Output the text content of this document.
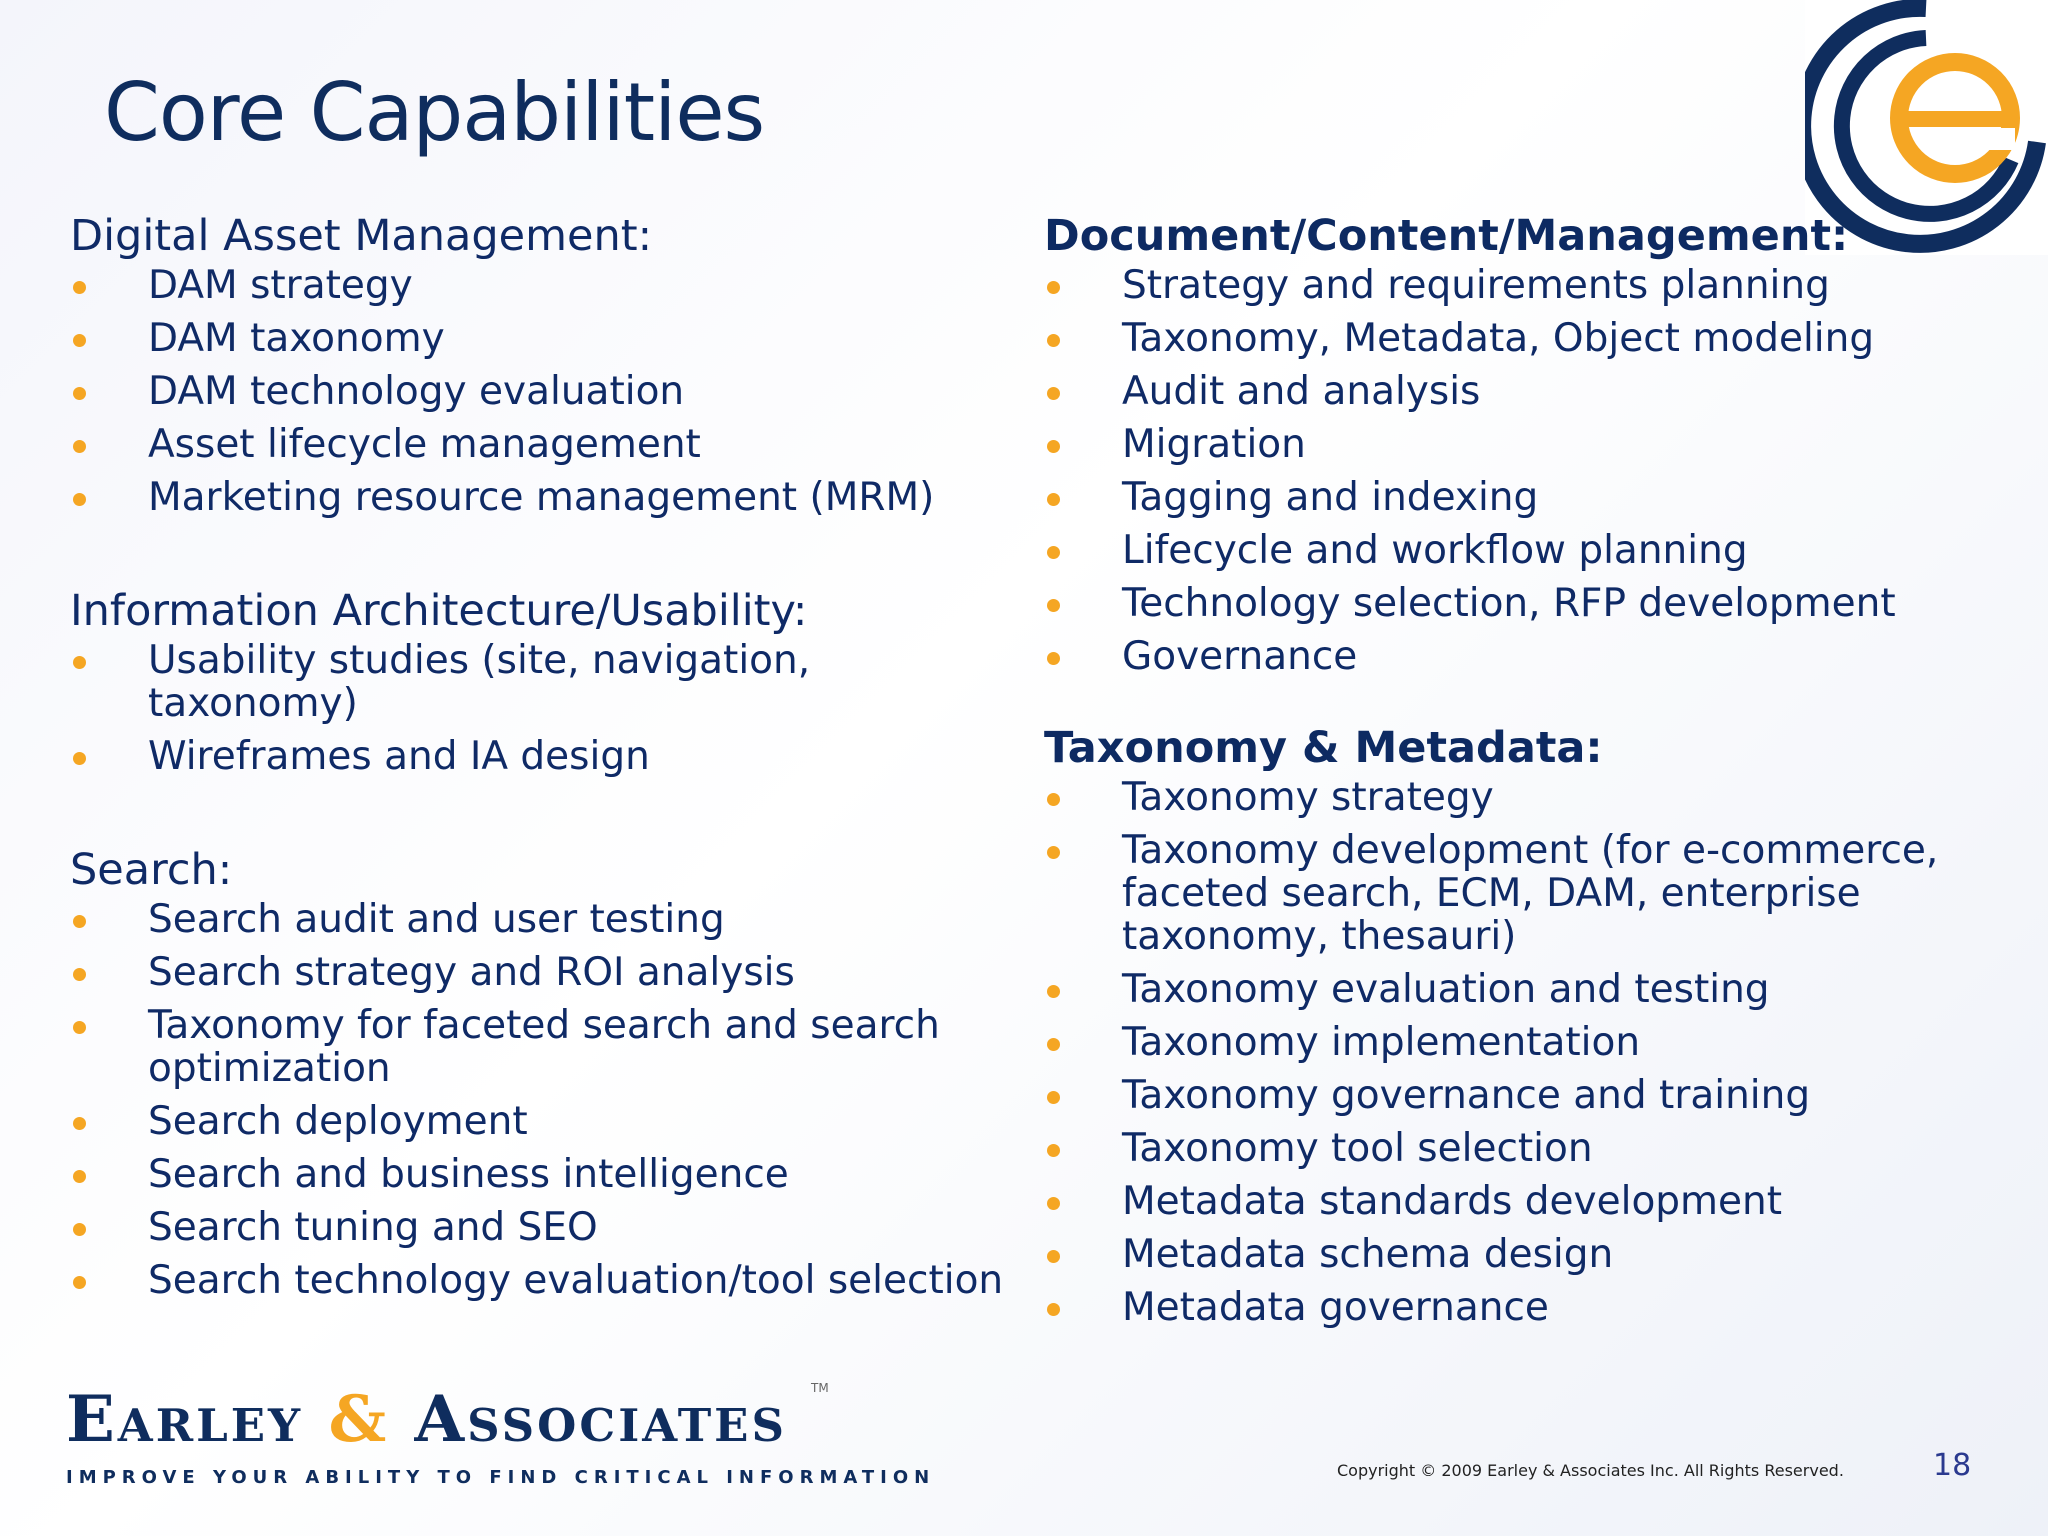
Core Capabilities
Digital Asset Management:
DAM strategy
DAM taxonomy
DAM technology evaluation
Asset lifecycle management
Marketing resource management (MRM)
Information Architecture/Usability:
Usability studies (site, navigation, taxonomy)
Wireframes and IA design
Search:
Search audit and user testing
Search strategy and ROI analysis
Taxonomy for faceted search and search optimization
Search deployment
Search and business intelligence
Search tuning and SEO
Search technology evaluation/tool selection
Document/Content/Management:
Strategy and requirements planning
Taxonomy, Metadata, Object modeling
Audit and analysis
Migration
Tagging and indexing
Lifecycle and workflow planning
Technology selection, RFP development
Governance
Taxonomy & Metadata:
Taxonomy strategy
Taxonomy development (for e-commerce, faceted search, ECM, DAM, enterprise taxonomy, thesauri)
Taxonomy evaluation and testing
Taxonomy implementation
Taxonomy governance and training
Taxonomy tool selection
Metadata standards development
Metadata schema design
Metadata governance
Earley & Associates	TM
IMPROVE YOUR ABILITY TO FIND CRITICAL INFORMATION	Copyright © 2009 Earley & Associates Inc. All Rights Reserved.	18
